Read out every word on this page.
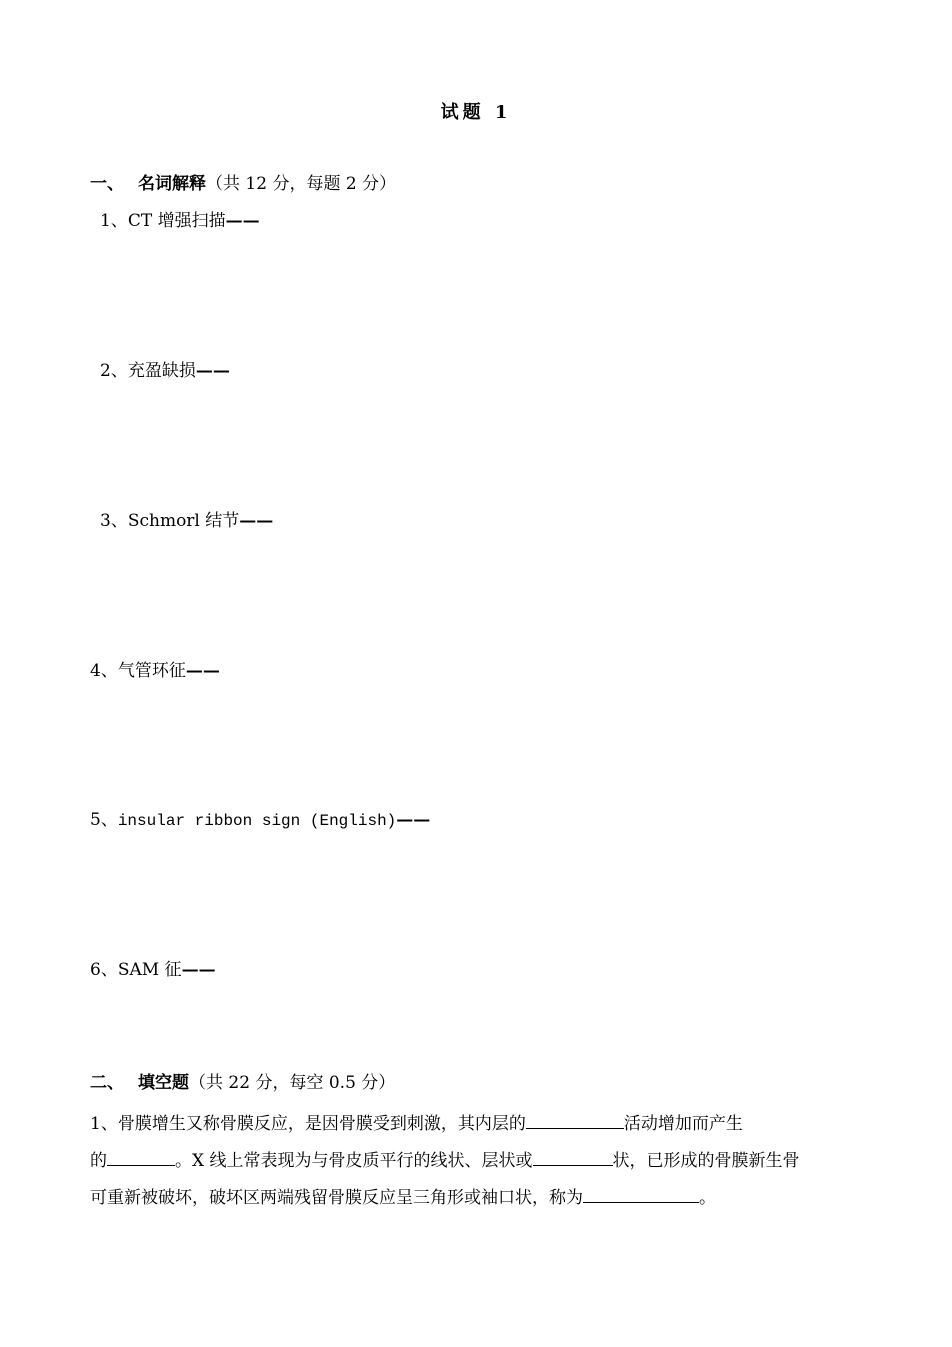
试题 1
一、 名词解释（共 12 分，每题 2 分）
1、CT 增强扫描——
2、充盈缺损——
3、Schmorl 结节——
4、气管环征——
5、insular ribbon sign (English)——
6、SAM 征——
二、 填空题（共 22 分，每空 0.5 分）
1、骨膜增生又称骨膜反应，是因骨膜受到刺激，其内层的	活动增加而产生
的	。X 线上常表现为与骨皮质平行的线状、层状或	状，已形成的骨膜新生骨
可重新被破坏，破坏区两端残留骨膜反应呈三角形或袖口状，称为	。
